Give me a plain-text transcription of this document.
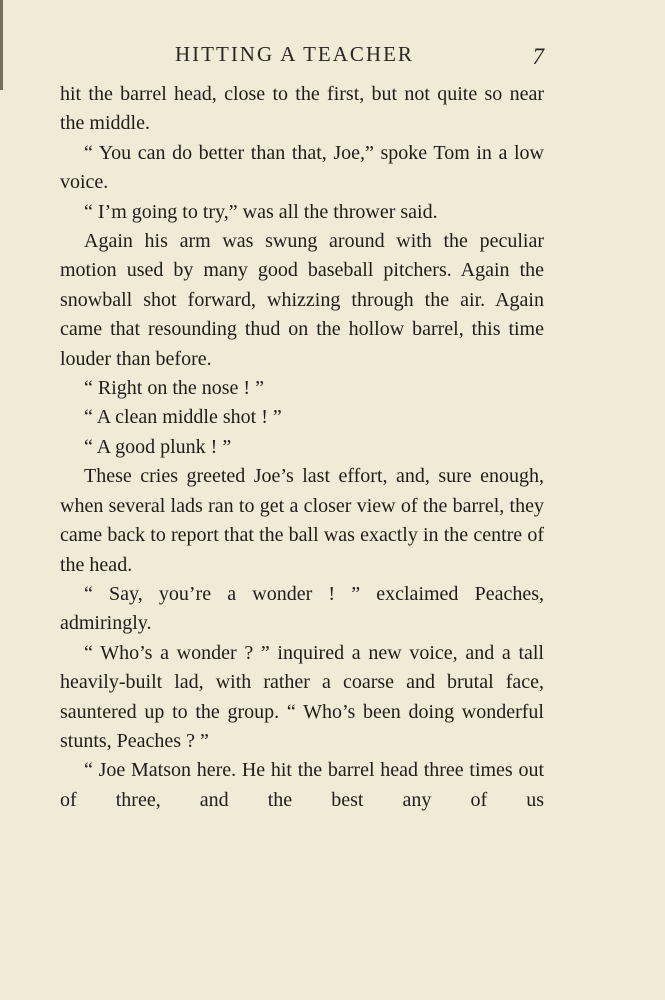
HITTING A TEACHER	7

hit the barrel head, close to the first, but not quite so near the middle.

“ You can do better than that, Joe,” spoke Tom in a low voice.

“ I’m going to try,” was all the thrower said.

Again his arm was swung around with the peculiar motion used by many good baseball pitchers. Again the snowball shot forward, whizzing through the air. Again came that resounding thud on the hollow barrel, this time louder than before.

“ Right on the nose ! ”

“ A clean middle shot ! ”

“ A good plunk ! ”

These cries greeted Joe’s last effort, and, sure enough, when several lads ran to get a closer view of the barrel, they came back to report that the ball was exactly in the centre of the head.

“ Say, you’re a wonder ! ” exclaimed Peaches, admiringly.

“ Who’s a wonder ? ” inquired a new voice, and a tall heavily-built lad, with rather a coarse and brutal face, sauntered up to the group. “ Who’s been doing wonderful stunts, Peaches ? ”

“ Joe Matson here. He hit the barrel head three times out of three, and the best any of us
